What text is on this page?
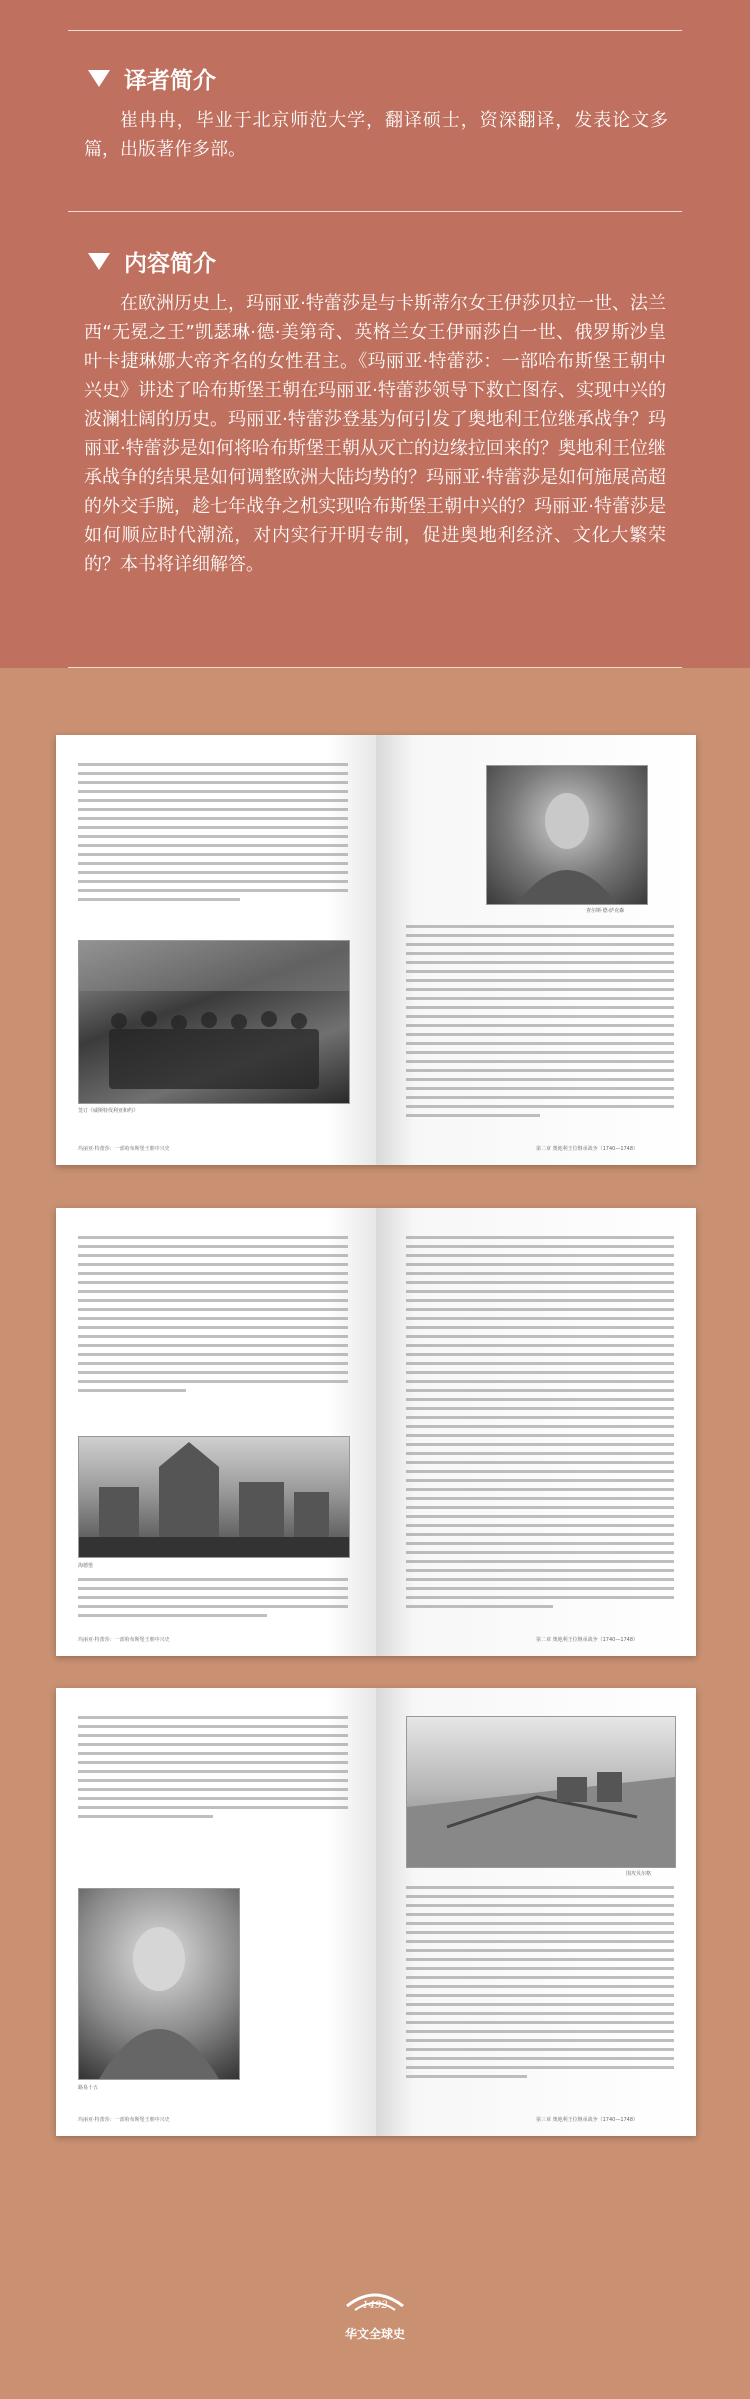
译者简介
崔冉冉，毕业于北京师范大学，翻译硕士，资深翻译，发表论文多篇，出版著作多部。
内容简介
在欧洲历史上，玛丽亚·特蕾莎是与卡斯蒂尔女王伊莎贝拉一世、法兰西“无冕之王”凯瑟琳·德·美第奇、英格兰女王伊丽莎白一世、俄罗斯沙皇叶卡捷琳娜大帝齐名的女性君主。《玛丽亚·特蕾莎：一部哈布斯堡王朝中兴史》讲述了哈布斯堡王朝在玛丽亚·特蕾莎领导下救亡图存、实现中兴的波澜壮阔的历史。玛丽亚·特蕾莎登基为何引发了奥地利王位继承战争？玛丽亚·特蕾莎是如何将哈布斯堡王朝从灭亡的边缘拉回来的？奥地利王位继承战争的结果是如何调整欧洲大陆均势的？玛丽亚·特蕾莎是如何施展高超的外交手腕，趁七年战争之机实现哈布斯堡王朝中兴的？玛丽亚·特蕾莎是如何顺应时代潮流，对内实行开明专制，促进奥地利经济、文化大繁荣的？本书将详细解答。
签订《威斯特伐利亚和约》
玛丽亚·特蕾莎：一部哈布斯堡王朝中兴史
查尔斯·德·萨克森
第二章 奥地利王位继承战争（1740—1748）
海德堡
玛丽亚·特蕾莎：一部哈布斯堡王朝中兴史	第二章 奥地利王位继承战争（1740—1748）
路易十五
玛丽亚·特蕾莎：一部哈布斯堡王朝中兴史
围攻贝尔格
第三章 奥地利王位继承战争（1740—1748）
1492
华文全球史
